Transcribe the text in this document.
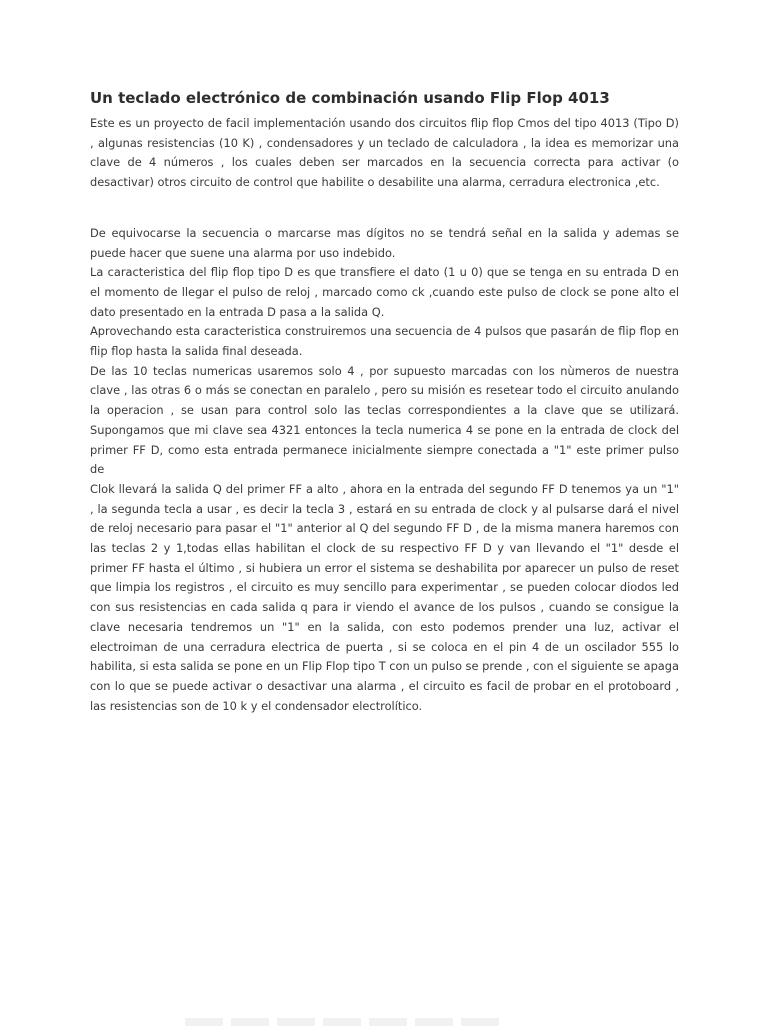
Un teclado electrónico de combinación usando Flip Flop 4013
Este es un proyecto de facil implementación usando dos circuitos flip flop Cmos del tipo 4013 (Tipo D)
, algunas resistencias (10 K) , condensadores y un teclado de calculadora , la idea es memorizar una
clave de 4 números , los cuales deben ser marcados en la secuencia correcta para activar (o
desactivar) otros circuito de control que habilite o desabilite una alarma, cerradura electronica ,etc.
De equivocarse la secuencia o marcarse mas dígitos no se tendrá señal en la salida y ademas se
puede hacer que suene una alarma por uso indebido.
La caracteristica del flip flop tipo D es que transfiere el dato (1 u 0) que se tenga en su entrada D en
el momento de llegar el pulso de reloj , marcado como ck ,cuando este pulso de clock se pone alto el
dato presentado en la entrada D pasa a la salida Q.
Aprovechando esta caracteristica construiremos una secuencia de 4 pulsos que pasarán de flip flop en
flip flop hasta la salida final deseada.
De las 10 teclas numericas usaremos solo 4 , por supuesto marcadas con los nùmeros de nuestra
clave , las otras 6 o más se conectan en paralelo , pero su misión es resetear todo el circuito anulando
la operacion , se usan para control solo las teclas correspondientes a la clave que se utilizará.
Supongamos que mi clave sea 4321 entonces la tecla numerica 4 se pone en la entrada de clock del
primer FF D, como esta entrada permanece inicialmente siempre conectada a "1" este primer pulso de
Clok llevará la salida Q del primer FF a alto , ahora en la entrada del segundo FF D tenemos ya un "1"
, la segunda tecla a usar , es decir la tecla 3 , estará en su entrada de clock y al pulsarse dará el nivel
de reloj necesario para pasar el "1" anterior al Q del segundo FF D , de la misma manera haremos con
las teclas 2 y 1,todas ellas habilitan el clock de su respectivo FF D y van llevando el "1" desde el
primer FF hasta el último , si hubiera un error el sistema se deshabilita por aparecer un pulso de reset
que limpia los registros , el circuito es muy sencillo para experimentar , se pueden colocar diodos led
con sus resistencias en cada salida q para ir viendo el avance de los pulsos , cuando se consigue la
clave necesaria tendremos un "1" en la salida, con esto podemos prender una luz, activar el
electroiman de una cerradura electrica de puerta , si se coloca en el pin 4 de un oscilador 555 lo
habilita, si esta salida se pone en un Flip Flop tipo T con un pulso se prende , con el siguiente se apaga
con lo que se puede activar o desactivar una alarma , el circuito es facil de probar en el protoboard ,
las resistencias son de 10 k y el condensador electrolítico.
